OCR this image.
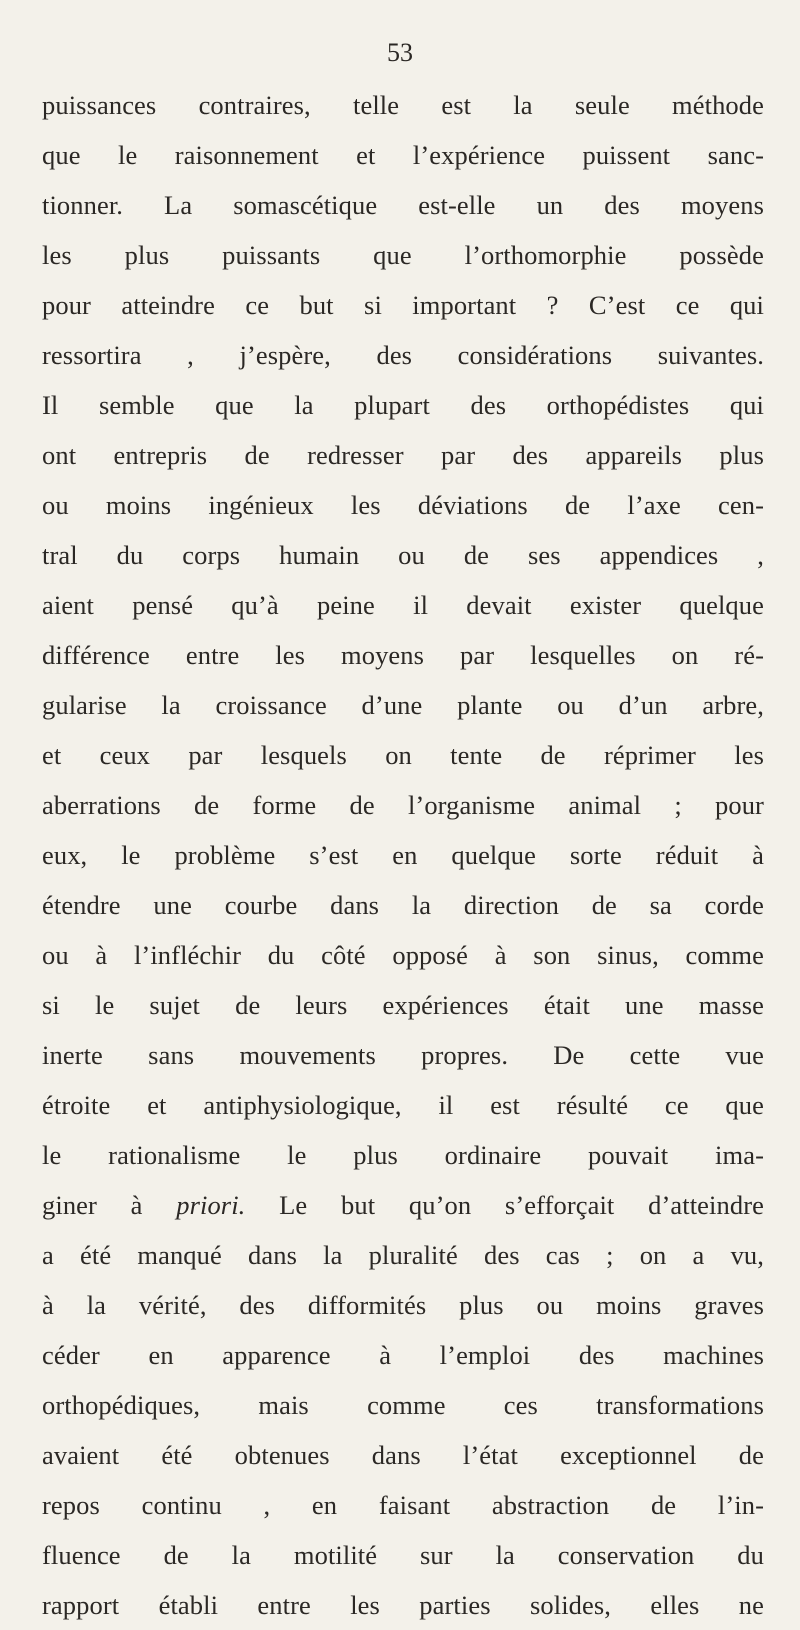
53
puissances contraires, telle est la seule méthode
que le raisonnement et l’expérience puissent sanc-
tionner. La somascétique est-elle un des moyens
les plus puissants que l’orthomorphie possède
pour atteindre ce but si important ? C’est ce qui
ressortira , j’espère, des considérations suivantes.
Il semble que la plupart des orthopédistes qui
ont entrepris de redresser par des appareils plus
ou moins ingénieux les déviations de l’axe cen-
tral du corps humain ou de ses appendices ,
aient pensé qu’à peine il devait exister quelque
différence entre les moyens par lesquelles on ré-
gularise la croissance d’une plante ou d’un arbre,
et ceux par lesquels on tente de réprimer les
aberrations de forme de l’organisme animal ; pour
eux, le problème s’est en quelque sorte réduit à
étendre une courbe dans la direction de sa corde
ou à l’infléchir du côté opposé à son sinus, comme
si le sujet de leurs expériences était une masse
inerte sans mouvements propres. De cette vue
étroite et antiphysiologique, il est résulté ce que
le rationalisme le plus ordinaire pouvait ima-
giner à priori. Le but qu’on s’efforçait d’atteindre
a été manqué dans la pluralité des cas ; on a vu,
à la vérité, des difformités plus ou moins graves
céder en apparence à l’emploi des machines
orthopédiques, mais comme ces transformations
avaient été obtenues dans l’état exceptionnel de
repos continu , en faisant abstraction de l’in-
fluence de la motilité sur la conservation du
rapport établi entre les parties solides, elles ne
